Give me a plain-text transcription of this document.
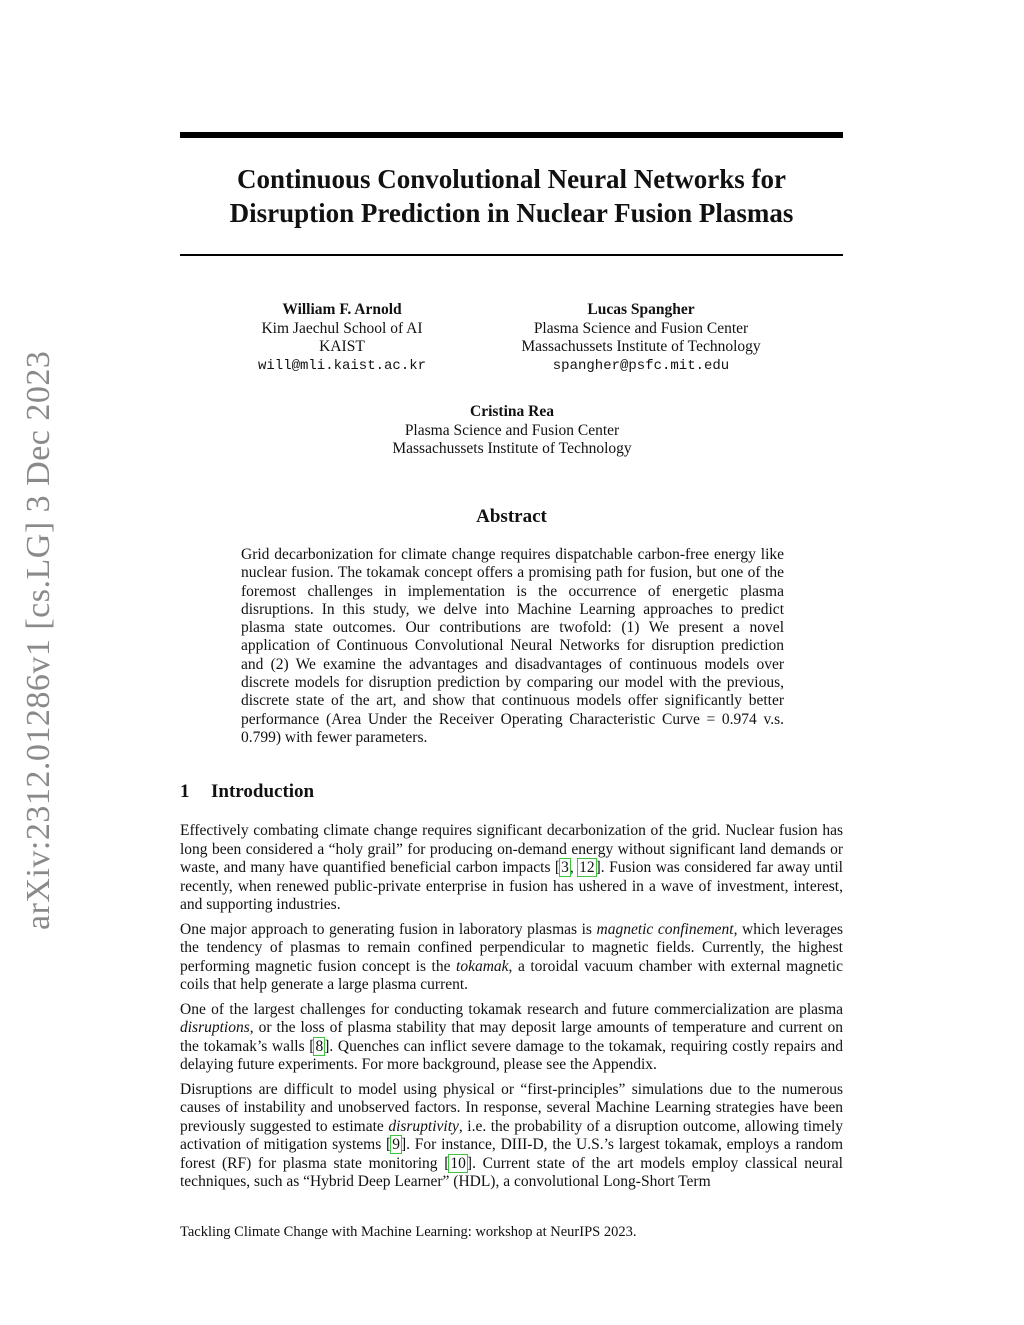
arXiv:2312.01286v1 [cs.LG] 3 Dec 2023
Continuous Convolutional Neural Networks for
Disruption Prediction in Nuclear Fusion Plasmas
William F. Arnold
Kim Jaechul School of AI
KAIST
will@mli.kaist.ac.kr
Lucas Spangher
Plasma Science and Fusion Center
Massachussets Institute of Technology
spangher@psfc.mit.edu
Cristina Rea
Plasma Science and Fusion Center
Massachussets Institute of Technology
Abstract
Grid decarbonization for climate change requires dispatchable carbon-free energy like nuclear fusion. The tokamak concept offers a promising path for fusion, but one of the foremost challenges in implementation is the occurrence of energetic plasma disruptions. In this study, we delve into Machine Learning approaches to predict plasma state outcomes. Our contributions are twofold: (1) We present a novel application of Continuous Convolutional Neural Networks for disruption prediction and (2) We examine the advantages and disadvantages of continuous models over discrete models for disruption prediction by comparing our model with the previous, discrete state of the art, and show that continuous models offer significantly better performance (Area Under the Receiver Operating Characteristic Curve = 0.974 v.s. 0.799) with fewer parameters.
1 Introduction

Effectively combating climate change requires significant decarbonization of the grid. Nuclear fusion has long been considered a “holy grail” for producing on-demand energy without significant land demands or waste, and many have quantified beneficial carbon impacts [3, 12]. Fusion was considered far away until recently, when renewed public-private enterprise in fusion has ushered in a wave of investment, interest, and supporting industries.

One major approach to generating fusion in laboratory plasmas is magnetic confinement, which leverages the tendency of plasmas to remain confined perpendicular to magnetic fields. Currently, the highest performing magnetic fusion concept is the tokamak, a toroidal vacuum chamber with external magnetic coils that help generate a large plasma current.

One of the largest challenges for conducting tokamak research and future commercialization are plasma disruptions, or the loss of plasma stability that may deposit large amounts of temperature and current on the tokamak’s walls [8]. Quenches can inflict severe damage to the tokamak, requiring costly repairs and delaying future experiments. For more background, please see the Appendix.

Disruptions are difficult to model using physical or “first-principles” simulations due to the numerous causes of instability and unobserved factors. In response, several Machine Learning strategies have been previously suggested to estimate disruptivity, i.e. the probability of a disruption outcome, allowing timely activation of mitigation systems [9]. For instance, DIII-D, the U.S.’s largest tokamak, employs a random forest (RF) for plasma state monitoring [10]. Current state of the art models employ classical neural techniques, such as “Hybrid Deep Learner” (HDL), a convolutional Long-Short Term

Tackling Climate Change with Machine Learning: workshop at NeurIPS 2023.
